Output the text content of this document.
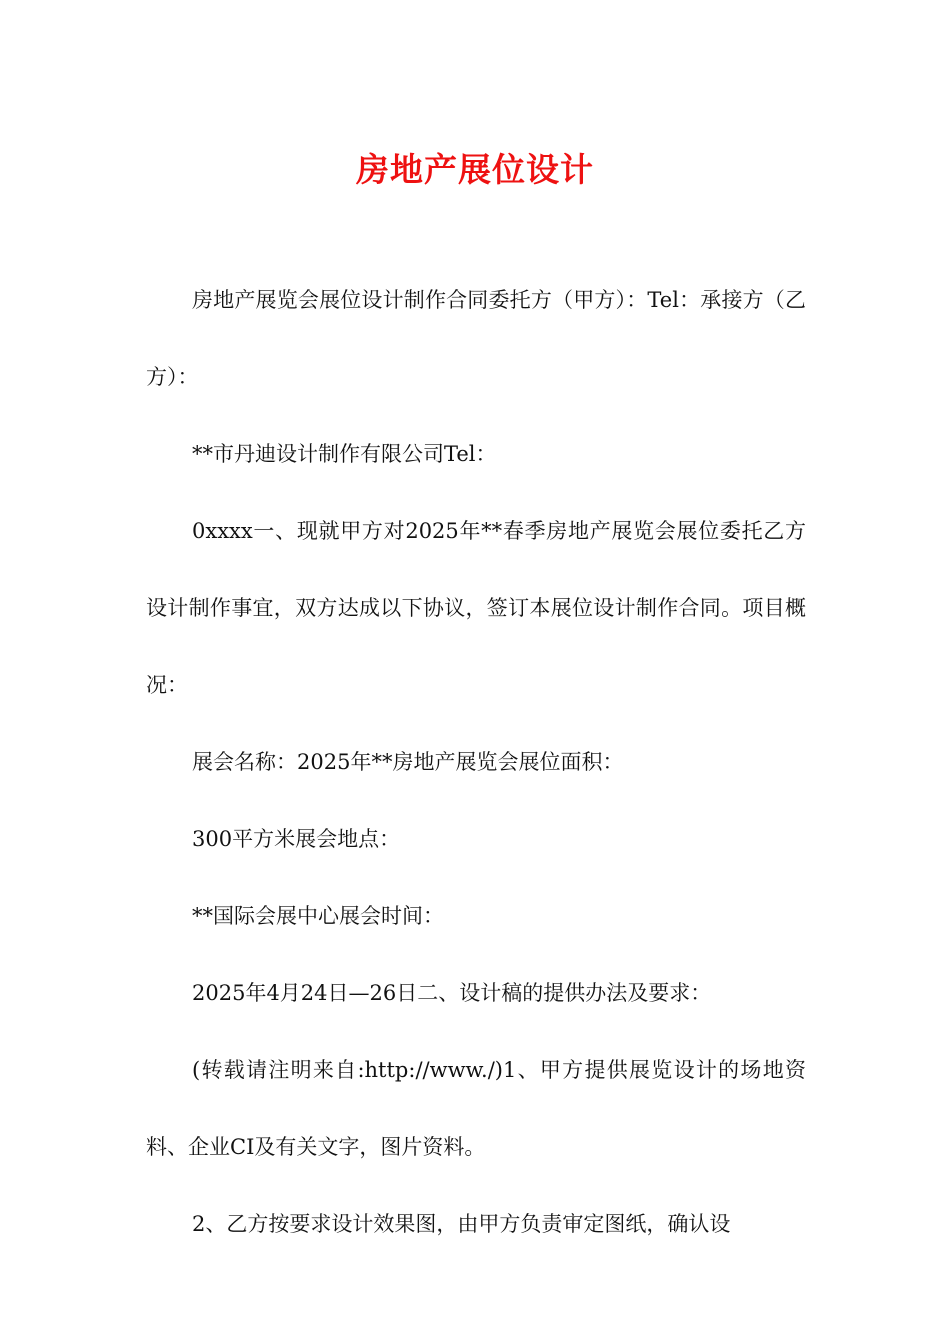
房地产展位设计

房地产展览会展位设计制作合同委托方（甲方）：Tel：承接方（乙方）：

**市丹迪设计制作有限公司Tel：

0xxxx一、现就甲方对2025年**春季房地产展览会展位委托乙方设计制作事宜，双方达成以下协议，签订本展位设计制作合同。项目概况：

展会名称：2025年**房地产展览会展位面积：

300平方米展会地点：

**国际会展中心展会时间：

2025年4月24日—26日二、设计稿的提供办法及要求：

(转载请注明来自:http://www./)1、甲方提供展览设计的场地资料、企业CI及有关文字，图片资料。

2、乙方按要求设计效果图，由甲方负责审定图纸，确认设
